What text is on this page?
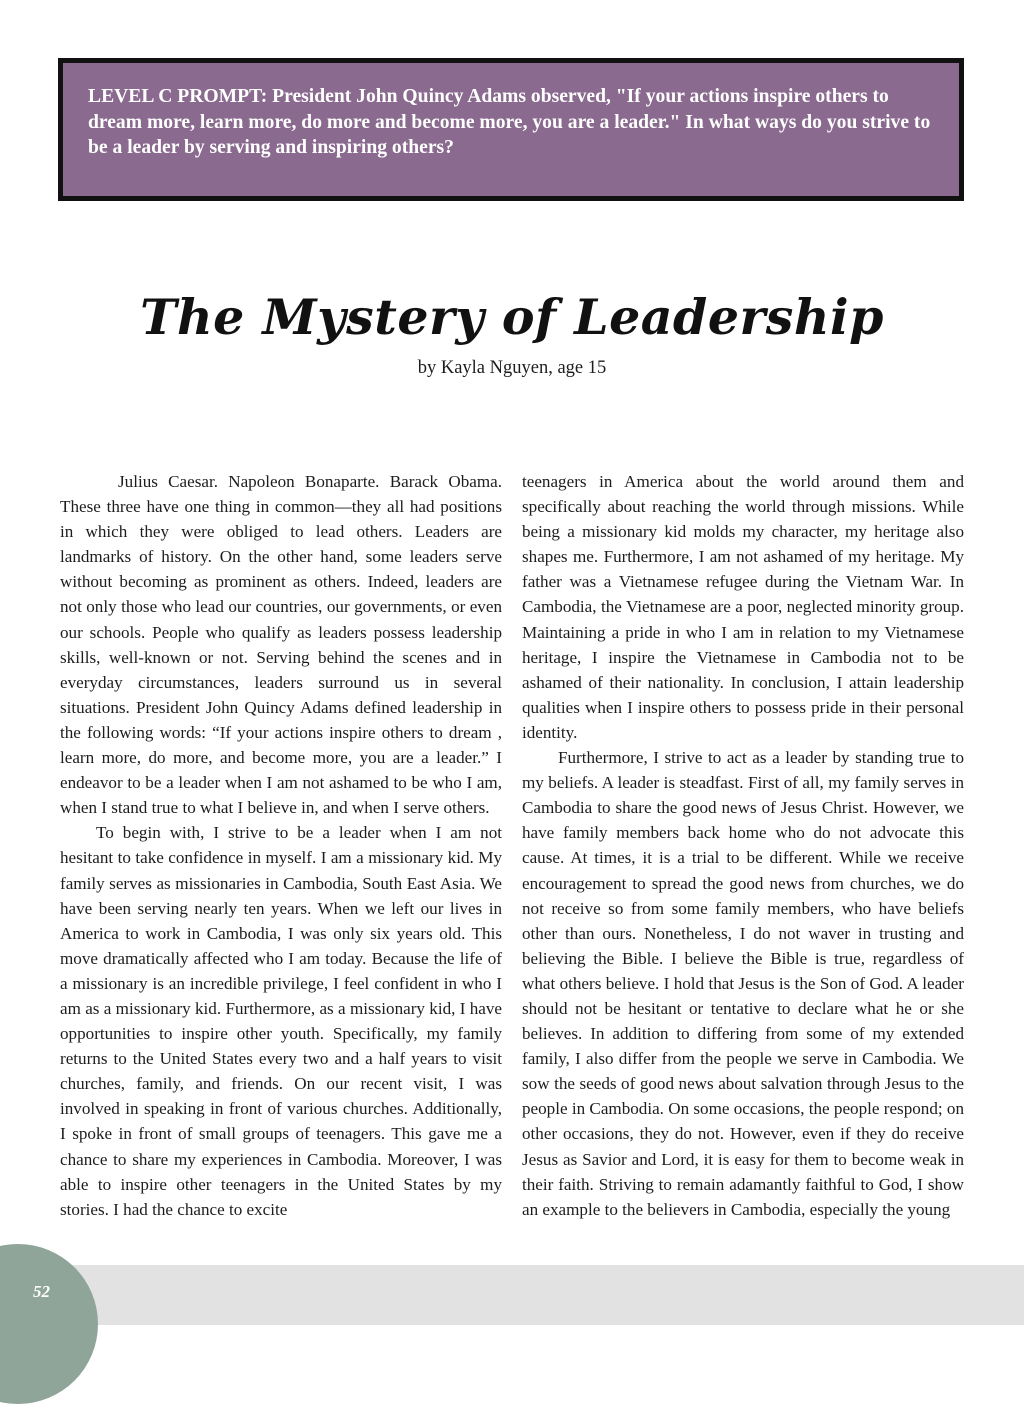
LEVEL C PROMPT: President John Quincy Adams observed, "If your actions inspire others to dream more, learn more, do more and become more, you are a leader." In what ways do you strive to be a leader by serving and inspiring others?

The Mystery of Leadership

by Kayla Nguyen, age 15

Julius Caesar. Napoleon Bonaparte. Barack Obama. These three have one thing in common—they all had positions in which they were obliged to lead others. Leaders are landmarks of history. On the other hand, some leaders serve without becoming as prominent as others. Indeed, leaders are not only those who lead our countries, our governments, or even our schools. People who qualify as leaders possess leadership skills, well-known or not. Serving behind the scenes and in everyday circumstances, leaders surround us in several situations. President John Quincy Adams defined leadership in the following words: “If your actions inspire others to dream , learn more, do more, and become more, you are a leader.” I endeavor to be a leader when I am not ashamed to be who I am, when I stand true to what I believe in, and when I serve others.

To begin with, I strive to be a leader when I am not hesitant to take confidence in myself. I am a missionary kid. My family serves as missionaries in Cambodia, South East Asia. We have been serving nearly ten years. When we left our lives in America to work in Cambodia, I was only six years old. This move dramatically affected who I am today. Because the life of a missionary is an incredible privilege, I feel confident in who I am as a missionary kid. Furthermore, as a missionary kid, I have opportunities to inspire other youth. Specifically, my family returns to the United States every two and a half years to visit churches, family, and friends. On our recent visit, I was involved in speaking in front of various churches. Additionally, I spoke in front of small groups of teenagers. This gave me a chance to share my experiences in Cambodia. Moreover, I was able to inspire other teenagers in the United States by my stories. I had the chance to excite

teenagers in America about the world around them and specifically about reaching the world through missions. While being a missionary kid molds my character, my heritage also shapes me. Furthermore, I am not ashamed of my heritage. My father was a Vietnamese refugee during the Vietnam War. In Cambodia, the Vietnamese are a poor, neglected minority group. Maintaining a pride in who I am in relation to my Vietnamese heritage, I inspire the Vietnamese in Cambodia not to be ashamed of their nationality. In conclusion, I attain leadership qualities when I inspire others to possess pride in their personal identity.

Furthermore, I strive to act as a leader by standing true to my beliefs. A leader is steadfast. First of all, my family serves in Cambodia to share the good news of Jesus Christ. However, we have family members back home who do not advocate this cause. At times, it is a trial to be different. While we receive encouragement to spread the good news from churches, we do not receive so from some family members, who have beliefs other than ours. Nonetheless, I do not waver in trusting and believing the Bible. I believe the Bible is true, regardless of what others believe. I hold that Jesus is the Son of God. A leader should not be hesitant or tentative to declare what he or she believes. In addition to differing from some of my extended family, I also differ from the people we serve in Cambodia. We sow the seeds of good news about salvation through Jesus to the people in Cambodia. On some occasions, the people respond; on other occasions, they do not. However, even if they do receive Jesus as Savior and Lord, it is easy for them to become weak in their faith. Striving to remain adamantly faithful to God, I show an example to the believers in Cambodia, especially the young

52
